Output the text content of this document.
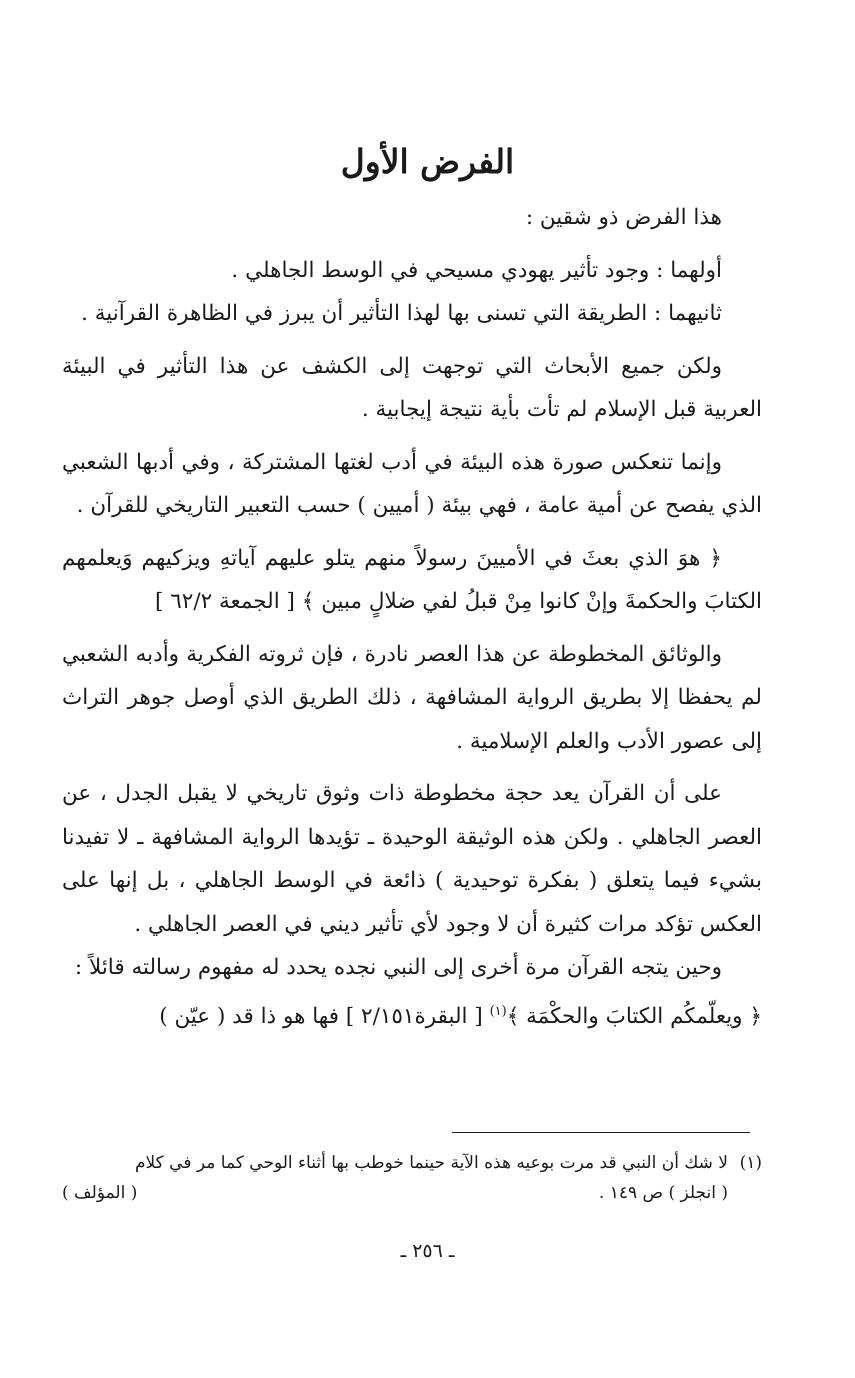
الفرض الأول

هذا الفرض ذو شقين :

أولهما : وجود تأثير يهودي مسيحي في الوسط الجاهلي .

ثانيهما : الطريقة التي تسنى بها لهذا التأثير أن يبرز في الظاهرة القرآنية .

ولكن جميع الأبحاث التي توجهت إلى الكشف عن هذا التأثير في البيئة العربية قبل الإسلام لم تأت بأية نتيجة إيجابية .

وإنما تنعكس صورة هذه البيئة في أدب لغتها المشتركة ، وفي أدبها الشعبي الذي يفصح عن أمية عامة ، فهي بيئة ( أميين ) حسب التعبير التاريخي للقرآن .

﴿ هوَ الذي بعثَ في الأميينَ رسولاً منهم يتلو عليهم آياتهِ ويزكيهم وَيعلمهم الكتابَ والحكمةَ وإنْ كانوا مِنْ قبلُ لفي ضلالٍ مبين ﴾ [ الجمعة ٦٢/٢ ]

والوثائق المخطوطة عن هذا العصر نادرة ، فإن ثروته الفكرية وأدبه الشعبي لم يحفظا إلا بطريق الرواية المشافهة ، ذلك الطريق الذي أوصل جوهر التراث إلى عصور الأدب والعلم الإسلامية .

على أن القرآن يعد حجة مخطوطة ذات وثوق تاريخي لا يقبل الجدل ، عن العصر الجاهلي . ولكن هذه الوثيقة الوحيدة ـ تؤيدها الرواية المشافهة ـ لا تفيدنا بشيء فيما يتعلق ( بفكرة توحيدية ) ذائعة في الوسط الجاهلي ، بل إنها على العكس تؤكد مرات كثيرة أن لا وجود لأي تأثير ديني في العصر الجاهلي .

وحين يتجه القرآن مرة أخرى إلى النبي نجده يحدد له مفهوم رسالته قائلاً :

﴿ ويعلّمكُم الكتابَ والحكْمَة ﴾$^{(١)}$ [ البقرة٢/١٥١ ] فها هو ذا قد ( عيّن )

(١)
لا شك أن النبي قد مرت بوعيه هذه الآية حينما خوطب بها أثناء الوحي كما مر في كلام
( انجلز ) ص ١٤٩ .
( المؤلف )
ـ ٢٥٦ ـ
